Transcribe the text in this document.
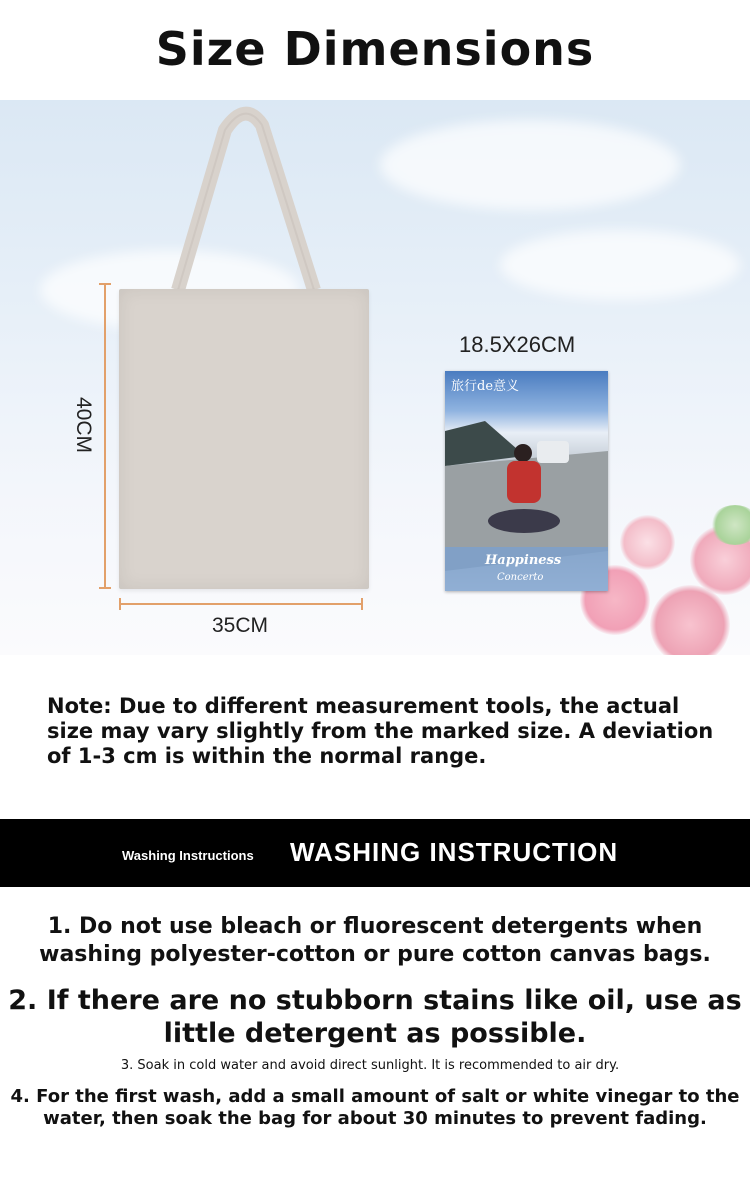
Size Dimensions
40CM
35CM
18.5X26CM
旅行de意义
Happiness
Concerto
Note: Due to different measurement tools, the actual size may vary slightly from the marked size. A deviation of 1-3 cm is within the normal range.
Washing Instructions WASHING INSTRUCTION
1. Do not use bleach or fluorescent detergents when washing polyester-cotton or pure cotton canvas bags.
2. If there are no stubborn stains like oil, use as little detergent as possible.
3. Soak in cold water and avoid direct sunlight. It is recommended to air dry.
4. For the first wash, add a small amount of salt or white vinegar to the water, then soak the bag for about 30 minutes to prevent fading.
